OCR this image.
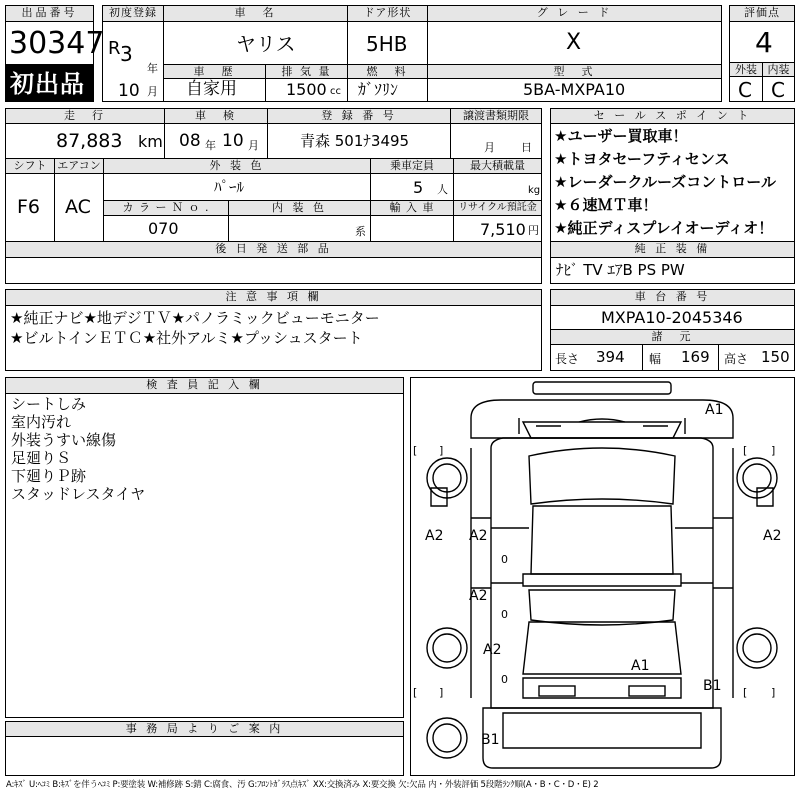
出品番号
30347
初出品
初度登録
R 3
年
10 月
車　名
ヤリス
ドア形状
5HB
グ レ ー ド
X
評価点
4
車　歴
自家用
排 気 量
1500 cc
燃　料
ｶﾞｿﾘﾝ
型　式
5BA-MXPA10
外装 内装
C C
走　行
87,883 km
車　検
08 年 10 月
登 録 番 号
青森 501ﾅ3495
譲渡書類期限
月 日
シフト エアコン
F6 AC
外 装 色
ﾊﾟｰﾙ
乗車定員
5 人
最大積載量
kg
カ ラ ー Ｎ ｏ .
070
内 装 色
系
輸 入 車	リサイクル預託金
7,510 円
後 日 発 送 部 品
セ ー ル ス ポ イ ン ト
★ユーザー買取車！
★トヨタセーフティセンス
★レーダークルーズコントロール
★６速ＭＴ車！
★純正ディスプレイオーディオ！
純 正 装 備
ﾅﾋﾞ TV ｴｱB PS PW
注 意 事 項 欄
★純正ナビ★地デジＴＶ★パノラミックビューモニター
★ビルトインＥＴＣ★社外アルミ★プッシュスタート
車 台 番 号
MXPA10-2045346
諸　元
長さ 394 幅 169 高さ 150
検 査 員 記 入 欄
シートしみ
室内汚れ
外装うすい線傷
足廻りＳ
下廻りＰ跡
スタッドレスタイヤ
事 務 局 よ り ご 案 内
A1
A2 A2	A2
A2
A2
A1
B1
B1
0
0
0
[ ]	[ ]
[ ]	[ ]
A:ｷｽﾞ U:ﾍｺﾐ B:ｷｽﾞを伴うﾍｺﾐ P:要塗装 W:補修跡 S:錆 C:腐食、汚 G:ﾌﾛﾝﾄｶﾞﾗｽ点ｷｽﾞ XX:交換済み X:要交換 欠:欠品 内・外装評価 5段階ﾗﾝｸ順(A・B・C・D・E) 2
